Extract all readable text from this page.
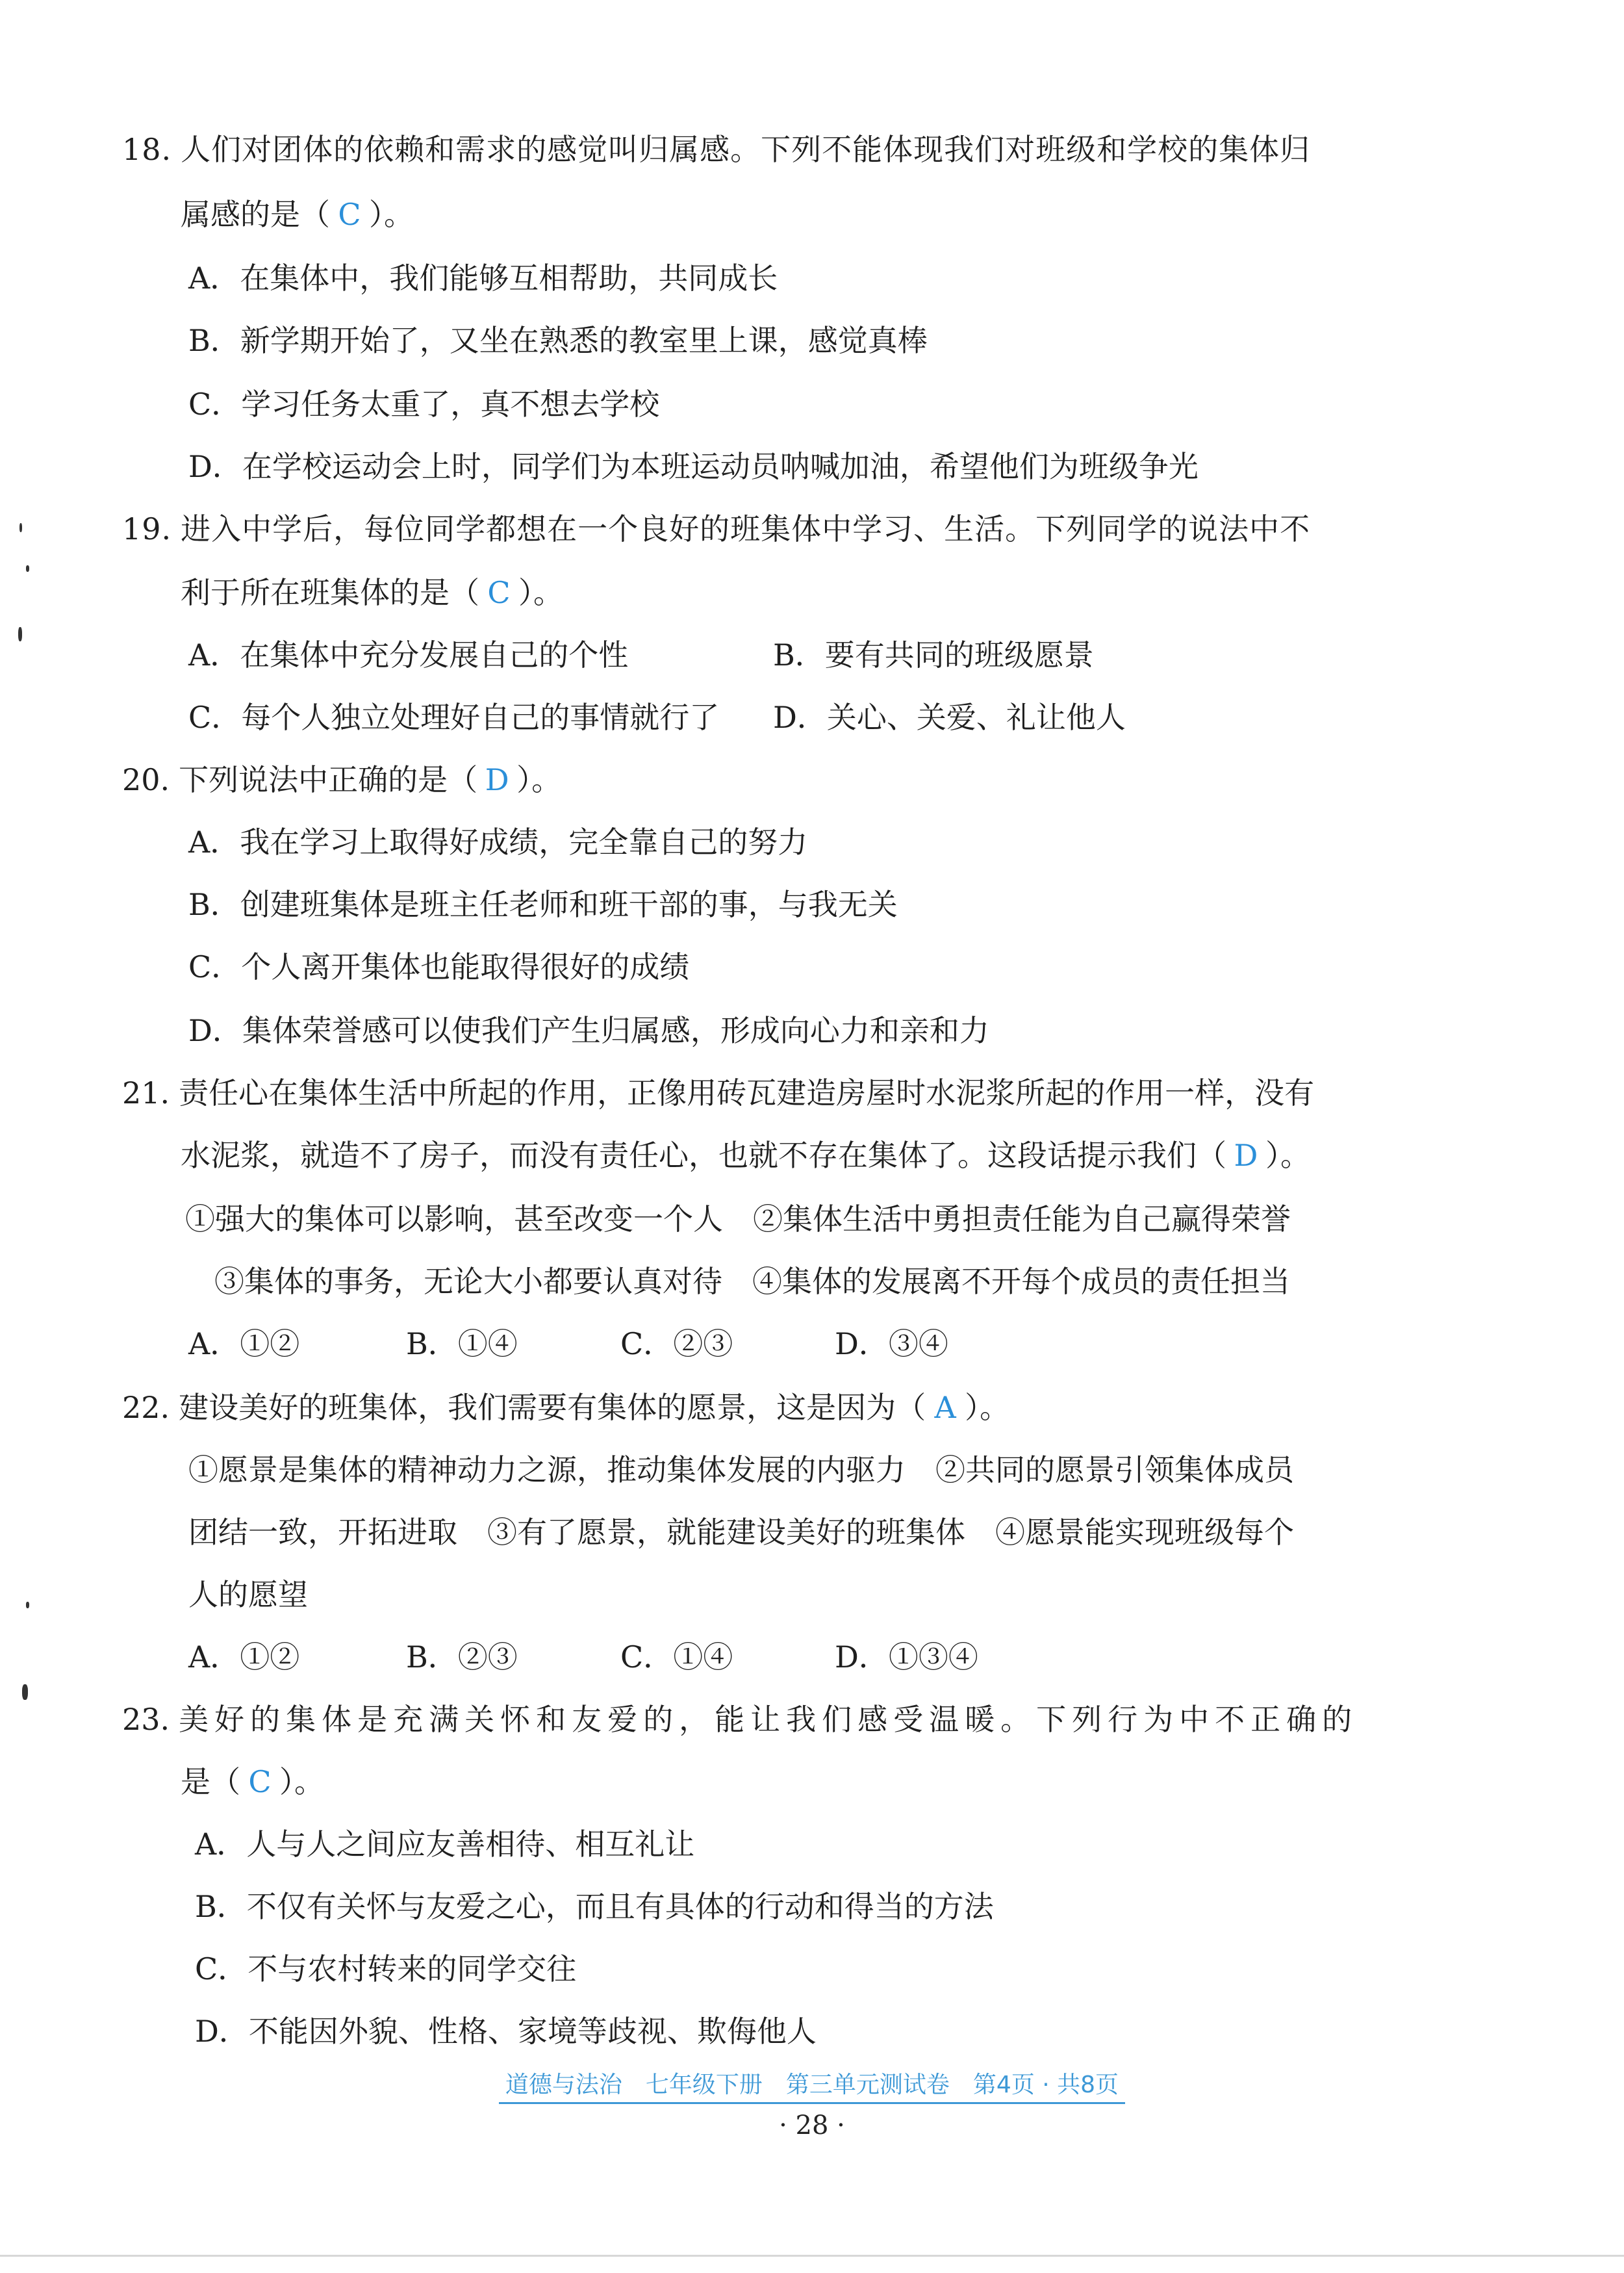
18. 人们对团体的依赖和需求的感觉叫归属感。下列不能体现我们对班级和学校的集体归
属感的是（ C ）。
A．在集体中，我们能够互相帮助，共同成长
B．新学期开始了，又坐在熟悉的教室里上课，感觉真棒
C．学习任务太重了，真不想去学校
D．在学校运动会上时，同学们为本班运动员呐喊加油，希望他们为班级争光
19. 进入中学后，每位同学都想在一个良好的班集体中学习、生活。下列同学的说法中不
利于所在班集体的是（ C ）。
A．在集体中充分发展自己的个性	B．要有共同的班级愿景
C．每个人独立处理好自己的事情就行了 D．关心、关爱、礼让他人
20. 下列说法中正确的是（ D ）。
A．我在学习上取得好成绩，完全靠自己的努力
B．创建班集体是班主任老师和班干部的事，与我无关
C．个人离开集体也能取得很好的成绩
D．集体荣誉感可以使我们产生归属感，形成向心力和亲和力
21. 责任心在集体生活中所起的作用，正像用砖瓦建造房屋时水泥浆所起的作用一样，没有
水泥浆，就造不了房子，而没有责任心，也就不存在集体了。这段话提示我们（ D ）。
①强大的集体可以影响，甚至改变一个人　②集体生活中勇担责任能为自己赢得荣誉
③集体的事务，无论大小都要认真对待　④集体的发展离不开每个成员的责任担当
A．①②	B．①④	C．②③	D．③④
22. 建设美好的班集体，我们需要有集体的愿景，这是因为（ A ）。
①愿景是集体的精神动力之源，推动集体发展的内驱力　②共同的愿景引领集体成员
团结一致，开拓进取　③有了愿景，就能建设美好的班集体　④愿景能实现班级每个
人的愿望
A．①②	B．②③	C．①④	D．①③④
23. 美好的集体是充满关怀和友爱的，能让我们感受温暖。下列行为中不正确的
是（ C ）。
A．人与人之间应友善相待、相互礼让
B．不仅有关怀与友爱之心，而且有具体的行动和得当的方法
C．不与农村转来的同学交往
D．不能因外貌、性格、家境等歧视、欺侮他人
道德与法治　七年级下册　第三单元测试卷　第4页 · 共8页
· 28 ·
